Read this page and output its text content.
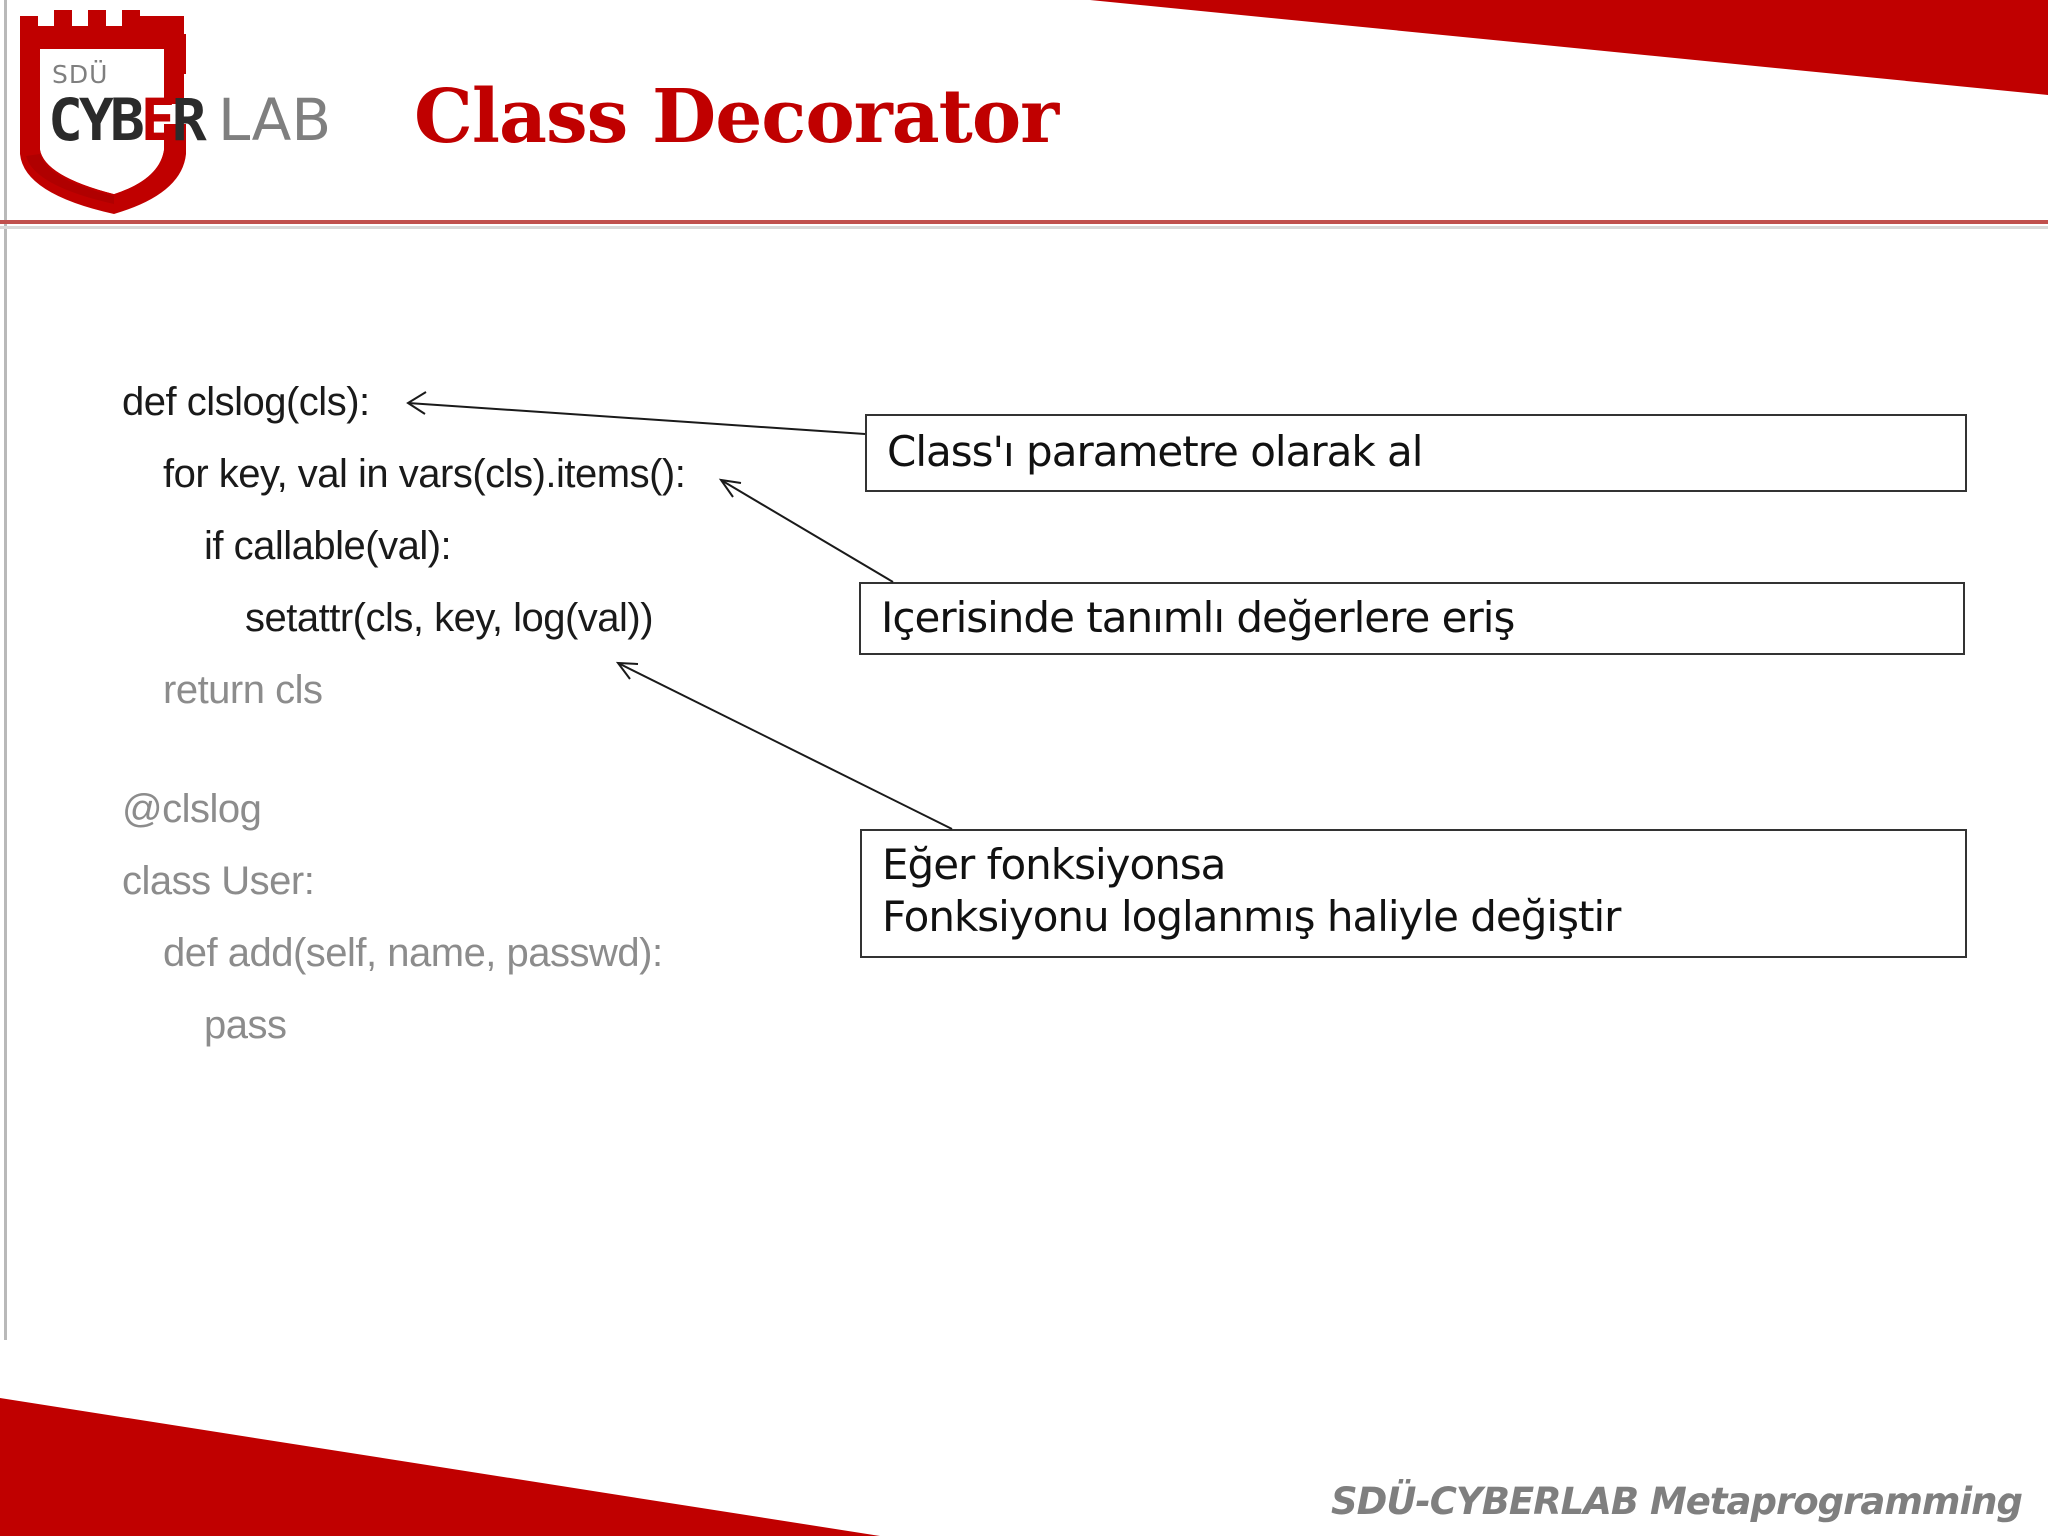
SDÜ
CYBER LAB Class Decorator
def clslog(cls):
for key, val in vars(cls).items():
if callable(val):
setattr(cls, key, log(val))
return cls
@clslog
class User:
def add(self, name, passwd):
pass
Class'ı parametre olarak al
Içerisinde tanımlı değerlere eriş
Eğer fonksiyonsa
Fonksiyonu loglanmış haliyle değiştir
SDÜ-CYBERLAB Metaprogramming
